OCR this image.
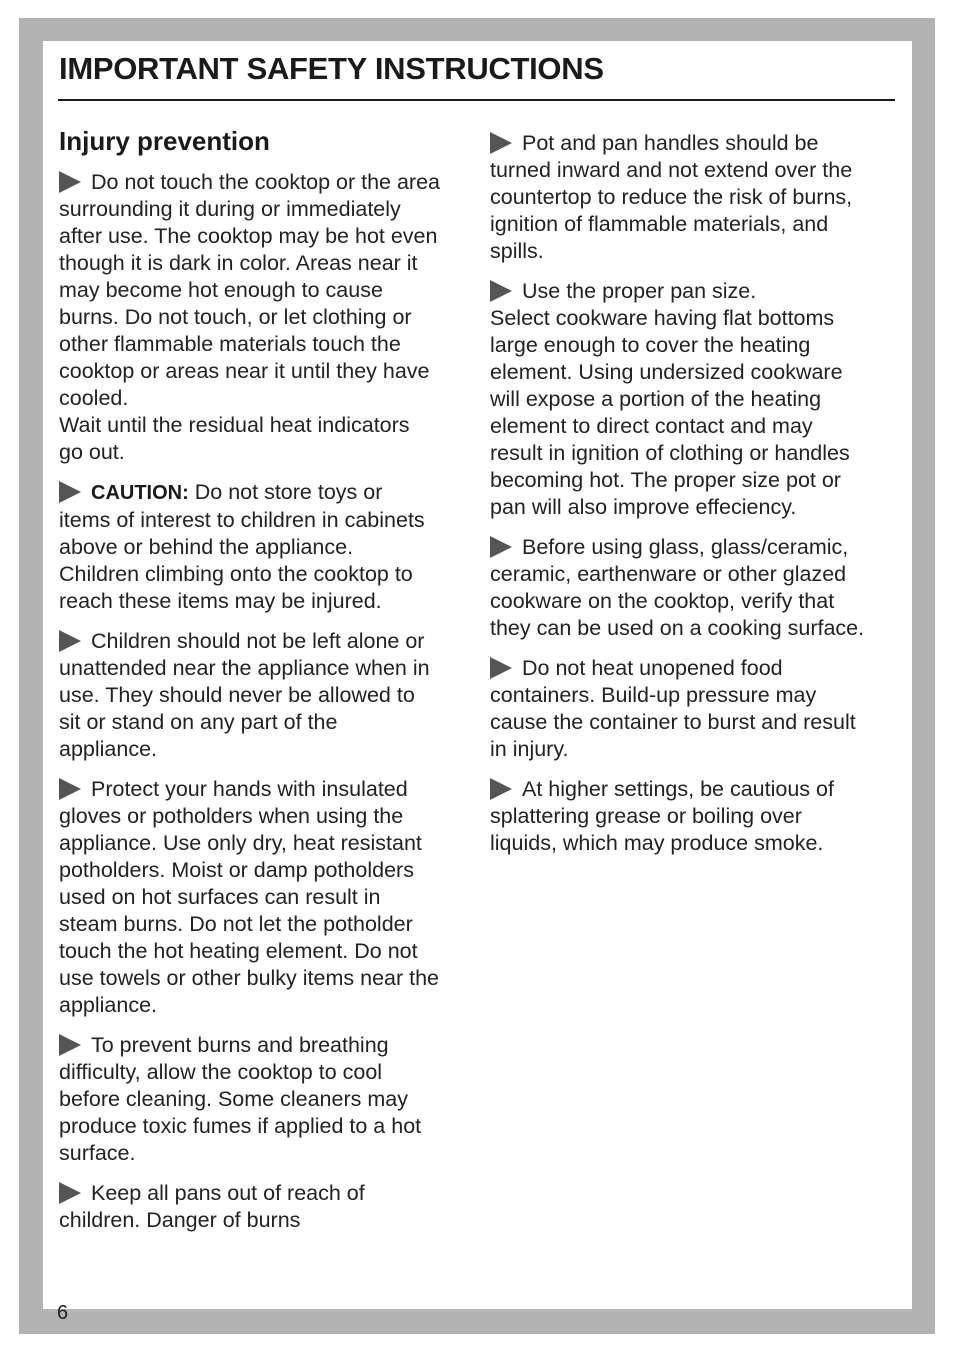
IMPORTANT SAFETY INSTRUCTIONS
Injury prevention

Do not touch the cooktop or the area
surrounding it during or immediately
after use. The cooktop may be hot even
though it is dark in color. Areas near it
may become hot enough to cause
burns. Do not touch, or let clothing or
other flammable materials touch the
cooktop or areas near it until they have
cooled.
Wait until the residual heat indicators
go out.

CAUTION: Do not store toys or
items of interest to children in cabinets
above or behind the appliance.
Children climbing onto the cooktop to
reach these items may be injured.

Children should not be left alone or
unattended near the appliance when in
use. They should never be allowed to
sit or stand on any part of the
appliance.

Protect your hands with insulated
gloves or potholders when using the
appliance. Use only dry, heat resistant
potholders. Moist or damp potholders
used on hot surfaces can result in
steam burns. Do not let the potholder
touch the hot heating element. Do not
use towels or other bulky items near the
appliance.

To prevent burns and breathing
difficulty, allow the cooktop to cool
before cleaning. Some cleaners may
produce toxic fumes if applied to a hot
surface.

Keep all pans out of reach of
children. Danger of burns

Pot and pan handles should be
turned inward and not extend over the
countertop to reduce the risk of burns,
ignition of flammable materials, and
spills.

Use the proper pan size.
Select cookware having flat bottoms
large enough to cover the heating
element. Using undersized cookware
will expose a portion of the heating
element to direct contact and may
result in ignition of clothing or handles
becoming hot. The proper size pot or
pan will also improve effeciency.

Before using glass, glass/ceramic,
ceramic, earthenware or other glazed
cookware on the cooktop, verify that
they can be used on a cooking surface.

Do not heat unopened food
containers. Build-up pressure may
cause the container to burst and result
in injury.

At higher settings, be cautious of
splattering grease or boiling over
liquids, which may produce smoke.

6
